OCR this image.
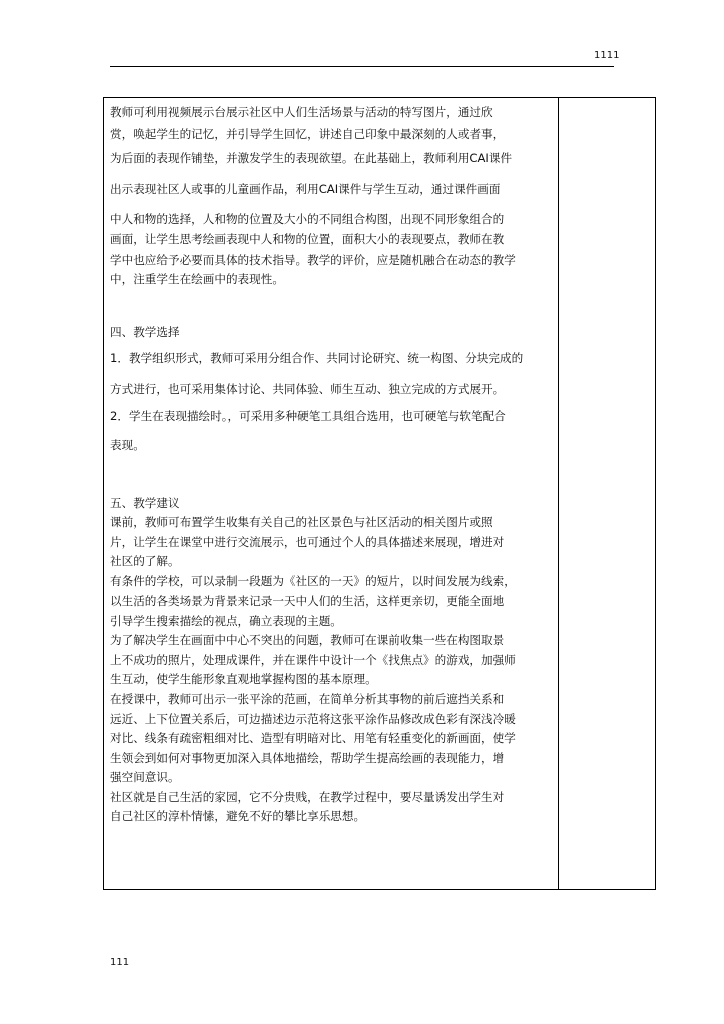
1111
教师可利用视频展示台展示社区中人们生活场景与活动的特写图片，通过欣
赏，唤起学生的记忆，并引导学生回忆，讲述自己印象中最深刻的人或者事，
为后面的表现作铺垫，并激发学生的表现欲望。在此基础上，教师利用CAI课件
出示表现社区人或事的儿童画作品，利用CAI课件与学生互动，通过课件画面
中人和物的选择，人和物的位置及大小的不同组合构图，出现不同形象组合的
画面，让学生思考绘画表现中人和物的位置，面积大小的表现要点，教师在教
学中也应给予必要而具体的技术指导。教学的评价，应是随机融合在动态的教学
中，注重学生在绘画中的表现性。
四、教学选择
1．教学组织形式，教师可采用分组合作、共同讨论研究、统一构图、分块完成的
方式进行，也可采用集体讨论、共同体验、师生互动、独立完成的方式展开。
2．学生在表现描绘时。，可采用多种硬笔工具组合选用，也可硬笔与软笔配合
表现。
五、教学建议
课前，教师可布置学生收集有关自己的社区景色与社区活动的相关图片或照
片，让学生在课堂中进行交流展示，也可通过个人的具体描述来展现，增进对
社区的了解。
有条件的学校，可以录制一段题为《社区的一天》的短片，以时间发展为线索，
以生活的各类场景为背景来记录一天中人们的生活，这样更亲切，更能全面地
引导学生搜索描绘的视点，确立表现的主题。
为了解决学生在画面中中心不突出的问题，教师可在课前收集一些在构图取景
上不成功的照片，处理成课件，并在课件中设计一个《找焦点》的游戏，加强师
生互动，使学生能形象直观地掌握构图的基本原理。
在授课中，教师可出示一张平涂的范画，在简单分析其事物的前后遮挡关系和
远近、上下位置关系后，可边描述边示范将这张平涂作品修改成色彩有深浅冷暖
对比、线条有疏密粗细对比、造型有明暗对比、用笔有轻重变化的新画面，使学
生领会到如何对事物更加深入具体地描绘，帮助学生提高绘画的表现能力，增
强空间意识。
社区就是自己生活的家园，它不分贵贱，在教学过程中，要尽量诱发出学生对
自己社区的淳朴情愫，避免不好的攀比享乐思想。
111
